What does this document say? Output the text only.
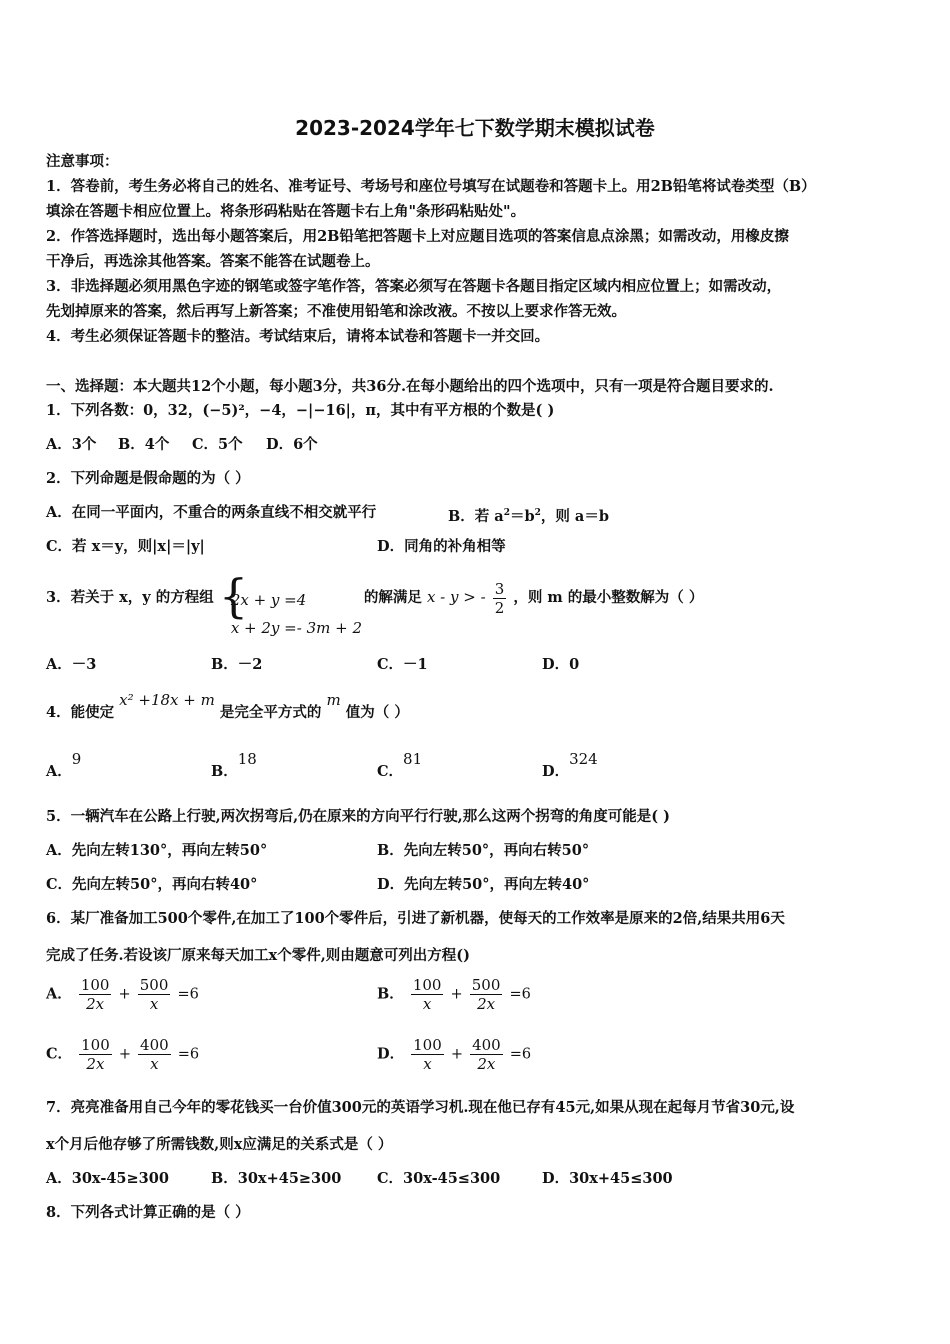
2023-2024学年七下数学期末模拟试卷
注意事项：
1．答卷前，考生务必将自己的姓名、准考证号、考场号和座位号填写在试题卷和答题卡上。用2B铅笔将试卷类型（B）
填涂在答题卡相应位置上。将条形码粘贴在答题卡右上角"条形码粘贴处"。
2．作答选择题时，选出每小题答案后，用2B铅笔把答题卡上对应题目选项的答案信息点涂黑；如需改动，用橡皮擦
干净后，再选涂其他答案。答案不能答在试题卷上。
3．非选择题必须用黑色字迹的钢笔或签字笔作答，答案必须写在答题卡各题目指定区域内相应位置上；如需改动，
先划掉原来的答案，然后再写上新答案；不准使用铅笔和涂改液。不按以上要求作答无效。
4．考生必须保证答题卡的整洁。考试结束后，请将本试卷和答题卡一并交回。
一、选择题：本大题共12个小题，每小题3分，共36分.在每小题给出的四个选项中，只有一项是符合题目要求的.
1．下列各数：0，32，(−5)²，−4，−|−16|，π，其中有平方根的个数是( )
A．3个 B．4个 C．5个 D．6个
2．下列命题是假命题的为（ ）
A．在同一平面内，不重合的两条直线不相交就平行	B．若 $a^2=b^2$，则 a＝b
C．若 x＝y，则|x|＝|y|	D．同角的补角相等
3．若关于 x，y 的方程组 {
2x + y =4
x + 2y =- 3m + 2
的解满足 x - y > - $\frac{3}{2}$ ，则 m 的最小整数解为（ ）
A．－3	B．－2	C．－1	D．0
4．能使定 x² +18x + m 是完全平方式的 m 值为（ ）
A．9
B．18
C．81
D．324
5．一辆汽车在公路上行驶,两次拐弯后,仍在原来的方向平行行驶,那么这两个拐弯的角度可能是( )
A．先向左转130°，再向左转50°	B．先向左转50°，再向右转50°
C．先向左转50°，再向右转40°	D．先向左转50°，再向左转40°
6．某厂准备加工500个零件,在加工了100个零件后，引进了新机器，使每天的工作效率是原来的2倍,结果共用6天
完成了任务.若设该厂原来每天加工x个零件,则由题意可列出方程()
A． $\frac{100}{2x} + \frac{500}{x} =6$	B． $\frac{100}{x} + \frac{500}{2x} =6$
C． $\frac{100}{2x} + \frac{400}{x} =6$	D． $\frac{100}{x} + \frac{400}{2x} =6$
7．亮亮准备用自己今年的零花钱买一台价值300元的英语学习机.现在他已存有45元,如果从现在起每月节省30元,设
x个月后他存够了所需钱数,则x应满足的关系式是（ ）
A．30x-45≥300	B．30x+45≥300 C．30x-45≤300	D．30x+45≤300
8．下列各式计算正确的是（ ）
